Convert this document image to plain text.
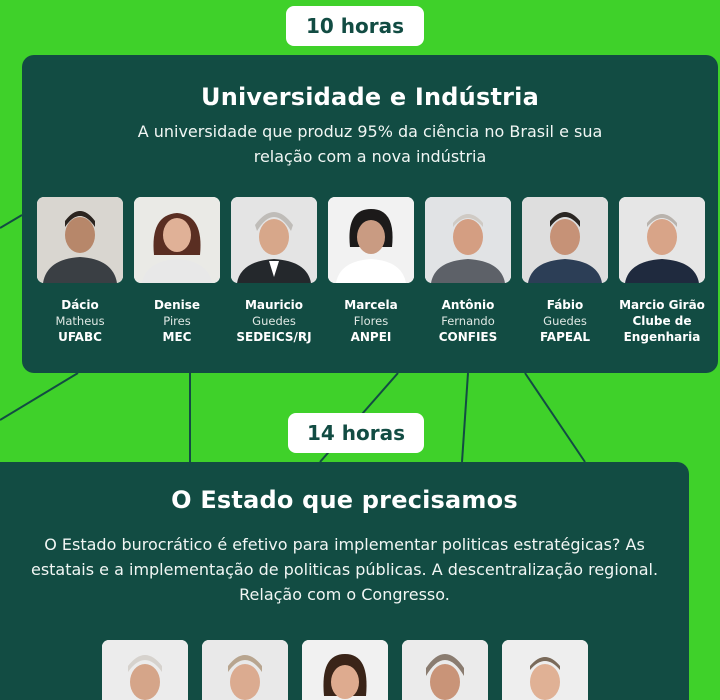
10 horas
Universidade e Indústria

A universidade que produz 95% da ciência no Brasil e sua relação com a nova indústria

Dácio
Matheus
UFABC
Denise
Pires
MEC
Mauricio
Guedes
SEDEICS/RJ
Marcela
Flores
ANPEI
Antônio
Fernando
CONFIES
Fábio
Guedes
FAPEAL
Marcio Girão
Clube de Engenharia
14 horas
O Estado que precisamos

O Estado burocrático é efetivo para implementar politicas estratégicas? As estatais e a implementação de politicas públicas. A descentralização regional. Relação com o Congresso.
